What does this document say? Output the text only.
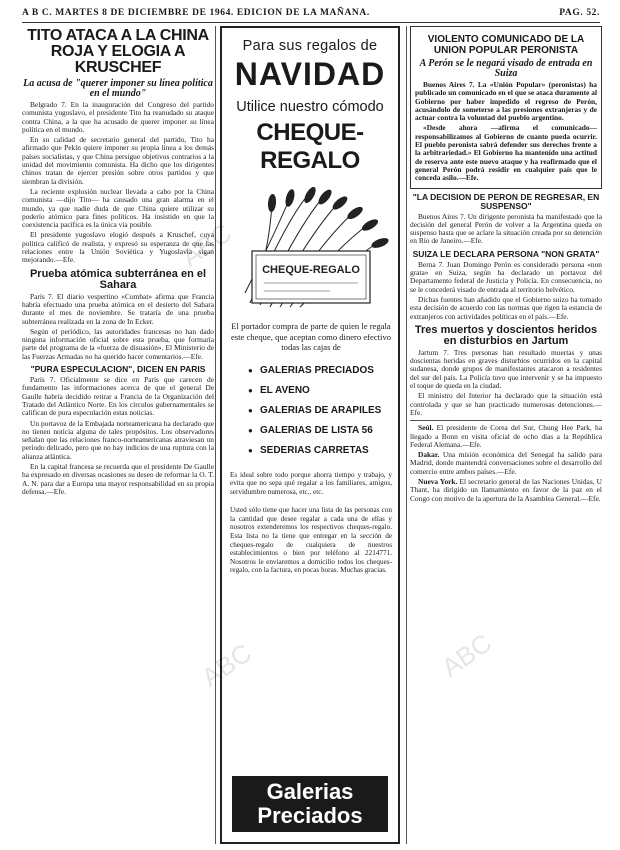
A B C. MARTES 8 DE DICIEMBRE DE 1964. EDICION DE LA MAÑANA.	PAG. 52.
TITO ATACA A LA CHINA ROJA Y ELOGIA A KRUSCHEF
La acusa de "querer imponer su línea política en el mundo"

Belgrado 7. En la inauguración del Congreso del partido comunista yugoslavo, el presidente Tito ha reanudado su ataque contra China, a la que ha acusado de querer imponer su línea política en el mundo.

En su calidad de secretario general del partido, Tito ha afirmado que Pekín quiere imponer su propia línea a los demás países socialistas, y que China persigue objetivos contrarios a la unidad del movimiento comunista. Ha dicho que los dirigentes chinos tratan de ejercer presión sobre otros partidos y que siembran la división.

La reciente explosión nuclear llevada a cabo por la China comunista —dijo Tito— ha causado una gran alarma en el mundo, ya que nadie duda de que China quiere utilizar su poderío atómico para fines políticos. Ha insistido en que la coexistencia pacífica es la única vía posible.

El presidente yugoslavo elogió después a Kruschef, cuya política calificó de realista, y expresó su esperanza de que las relaciones entre la Unión Soviética y Yugoslavia sigan mejorando.—Efe.

Prueba atómica subterránea en el Sahara

París 7. El diario vespertino «Combat» afirma que Francia habría efectuado una prueba atómica en el desierto del Sahara durante el mes de noviembre. Se trataría de una prueba subterránea realizada en la zona de In Ecker.

Según el periódico, las autoridades francesas no han dado ninguna información oficial sobre esta prueba, que formaría parte del programa de la «fuerza de disuasión». El Ministerio de las Fuerzas Armadas no ha querido hacer comentarios.—Efe.

"PURA ESPECULACION", DICEN EN PARIS

París 7. Oficialmente se dice en París que carecen de fundamento las informaciones acerca de que el general De Gaulle habría decidido retirar a Francia de la Organización del Tratado del Atlántico Norte. En los círculos gubernamentales se califican de pura especulación estas noticias.

Un portavoz de la Embajada norteamericana ha declarado que no tienen noticia alguna de tales propósitos. Los observadores señalan que las relaciones franco-norteamericanas atraviesan un período delicado, pero que no hay indicios de una ruptura con la alianza atlántica.

En la capital francesa se recuerda que el presidente De Gaulle ha expresado en diversas ocasiones su deseo de reformar la O. T. A. N. para dar a Europa una mayor responsabilidad en su propia defensa.—Efe.

Para sus regalos de
NAVIDAD
Utilice nuestro cómodo
CHEQUE-REGALO
CHEQUE-REGALO
El portador compra de parte de quien le regala este cheque, que aceptan como dinero efectivo todas las cajas de
● GALERIAS PRECIADOS
● EL AVENO
● GALERIAS DE ARAPILES
● GALERIAS DE LISTA 56
● SEDERIAS CARRETAS
Es ideal sobre todo porque ahorra tiempo y trabajo, y evita que no sepa qué regalar a los familiares, amigos, servidumbre numerosa, etc., etc.
Usted sólo tiene que hacer una lista de las personas con la cantidad que desee regalar a cada una de ellas y nosotros extenderemos los respectivos cheques-regalo. Esta lista no la tiene que entregar en la sección de cheques-regalo de cualquiera de nuestros establecimientos o bien por teléfono al 2214771. Nosotros le enviaremos a domicilio todos los cheques-regalo, con la factura, en pocas horas. Muchas gracias.
Galerias
Preciados
VIOLENTO COMUNICADO DE LA UNION POPULAR PERONISTA
A Perón se le negará visado de entrada en Suiza

Buenos Aires 7. La «Unión Popular» (peronistas) ha publicado un comunicado en el que se ataca duramente al Gobierno por haber impedido el regreso de Perón, acusándolo de someterse a las presiones extranjeras y de actuar contra la voluntad del pueblo argentino.

«Desde ahora —afirma el comunicado— responsabilizamos al Gobierno de cuanto pueda ocurrir. El pueblo peronista sabrá defender sus derechos frente a la arbitrariedad.» El Gobierno ha mantenido una actitud de reserva ante este nuevo ataque y ha reafirmado que el general Perón podrá residir en cualquier país que le conceda asilo.—Efe.

"LA DECISION DE PERON DE REGRESAR, EN SUSPENSO"

Buenos Aires 7. Un dirigente peronista ha manifestado que la decisión del general Perón de volver a la Argentina queda en suspenso hasta que se aclare la situación creada por su detención en Río de Janeiro.—Efe.

SUIZA LE DECLARA PERSONA "NON GRATA"

Berna 7. Juan Domingo Perón es considerado persona «non grata» en Suiza, según ha declarado un portavoz del Departamento federal de Justicia y Policía. En consecuencia, no se le concederá visado de entrada al territorio helvético.

Dichas fuentes han añadido que el Gobierno suizo ha tomado esta decisión de acuerdo con las normas que rigen la estancia de extranjeros con actividades políticas en el país.—Efe.

Tres muertos y doscientos heridos en disturbios en Jartum

Jartum 7. Tres personas han resultado muertas y unas doscientas heridas en graves disturbios ocurridos en la capital sudanesa, donde grupos de manifestantes atacaron a residentes del sur del país. La Policía tuvo que intervenir y se ha impuesto el toque de queda en la ciudad.

El ministro del Interior ha declarado que la situación está controlada y que se han practicado numerosas detenciones.—Efe.

Seúl. El presidente de Corea del Sur, Chung Hee Park, ha llegado a Bonn en visita oficial de ocho días a la República Federal Alemana.—Efe.

Dakar. Una misión económica del Senegal ha salido para Madrid, donde mantendrá conversaciones sobre el desarrollo del comercio entre ambos países.—Efe.

Nueva York. El secretario general de las Naciones Unidas, U Thant, ha dirigido un llamamiento en favor de la paz en el Congo con motivo de la apertura de la Asamblea General.—Efe.

ABC
ABC	ABC
